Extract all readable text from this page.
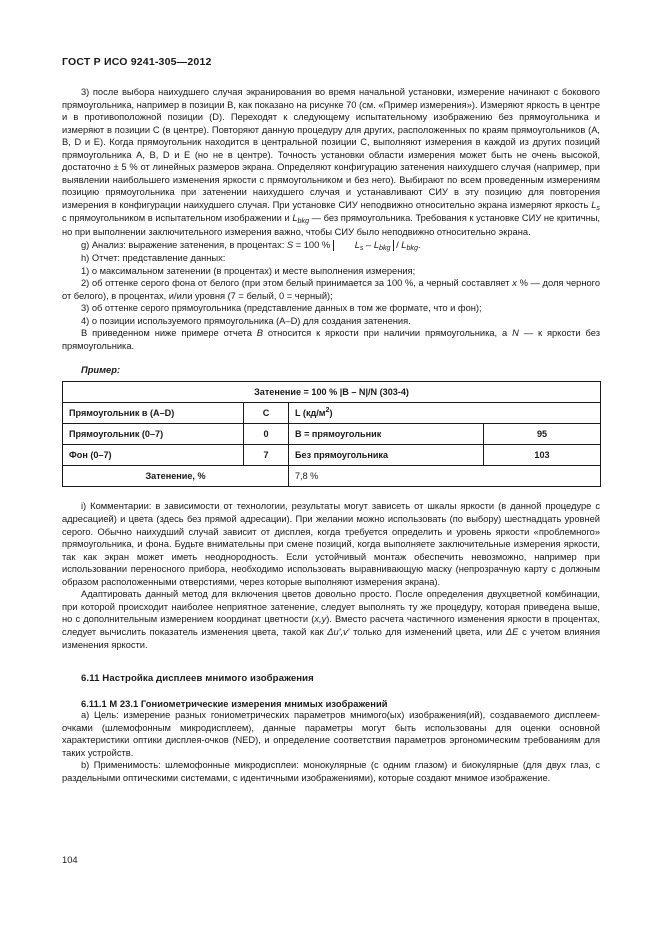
ГОСТ Р ИСО 9241-305—2012

3) после выбора наихудшего случая экранирования во время начальной установки, измерение начинают с бокового прямоугольника, например в позиции B, как показано на рисунке 70 (см. «Пример измерения»). Измеряют яркость в центре и в противоположной позиции (D). Переходят к следующему испытательному изображению без прямоугольника и измеряют в позиции C (в центре). Повторяют данную процедуру для других, расположенных по краям прямоугольников (A, B, D и E). Когда прямоугольник находится в центральной позиции C, выполняют измерения в каждой из других позиций прямоугольника A, B, D и E (но не в центре). Точность установки области измерения может быть не очень высокой, достаточно ± 5 % от линейных размеров экрана. Определяют конфигурацию затенения наихудшего случая (например, при выявлении наибольшего изменения яркости с прямоугольником и без него). Выбирают по всем проведенным измерениям позицию прямоугольника при затенении наихудшего случая и устанавливают СИУ в эту позицию для повторения измерения в конфигурации наихудшего случая. При установке СИУ неподвижно относительно экрана измеряют яркость $L_s$ с прямоугольником в испытательном изображении и $L_{bkg}$ — без прямоугольника. Требования к установке СИУ не критичны, но при выполнении заключительного измерения важно, чтобы СИУ было неподвижно относительно экрана.

g) Анализ: выражение затенения, в процентах: S = 100 % $L_s - L_{bkg} / L_{bkg}$.

h) Отчет: представление данных:

1) о максимальном затенении (в процентах) и месте выполнения измерения;

2) об оттенке серого фона от белого (при этом белый принимается за 100 %, а черный составляет x % — доля черного от белого), в процентах, и/или уровня (7 = белый, 0 = черный);

3) об оттенке серого прямоугольника (представление данных в том же формате, что и фон);

4) о позиции используемого прямоугольника (A–D) для создания затенения.

В приведенном ниже примере отчета B относится к яркости при наличии прямоугольника, а N — к яркости без прямоугольника.

Пример:
Затенение = 100 % |B – N|/N (303-4)			
Прямоугольник в (A–D)	C	L $(кд/м^2)$	
Прямоугольник (0–7)	0	B = прямоугольник	95
Фон (0–7)	7	Без прямоугольника	103
Затенение, %		7,8 %	

i) Комментарии: в зависимости от технологии, результаты могут зависеть от шкалы яркости (в данной процедуре с адресацией) и цвета (здесь без прямой адресации). При желании можно использовать (по выбору) шестнадцать уровней серого. Обычно наихудший случай зависит от дисплея, когда требуется определить и уровень яркости «проблемного» прямоугольника, и фона. Будьте внимательны при смене позиций, когда выполняете заключительные измерения яркости, так как экран может иметь неоднородность. Если устойчивый монтаж обеспечить невозможно, например при использовании переносного прибора, необходимо использовать выравнивающую маску (непрозрачную карту с должным образом расположенными отверстиями, через которые выполняют измерения экрана).

Адаптировать данный метод для включения цветов довольно просто. После определения двухцветной комбинации, при которой происходит наиболее неприятное затенение, следует выполнять ту же процедуру, которая приведена выше, но с дополнительным измерением координат цветности (x,y). Вместо расчета частичного изменения яркости в процентах, следует вычислить показатель изменения цвета, такой как Δu′,v′ только для изменений цвета, или ΔE с учетом влияния изменения яркости.

6.11 Настройка дисплеев мнимого изображения
6.11.1 M 23.1 Гониометрические измерения мнимых изображений

a) Цель: измерение разных гониометрических параметров мнимого(ых) изображения(ий), создаваемого дисплеем-очками (шлемофонным микродисплеем), данные параметры могут быть использованы для оценки основной характеристики оптики дисплея-очков (NED), и определение соответствия параметров эргономическим требованиям для таких устройств.

b) Применимость: шлемофонные микродисплеи: монокулярные (с одним глазом) и биокулярные (для двух глаз, с раздельными оптическими системами, с идентичными изображениями), которые создают мнимое изображение.

104
